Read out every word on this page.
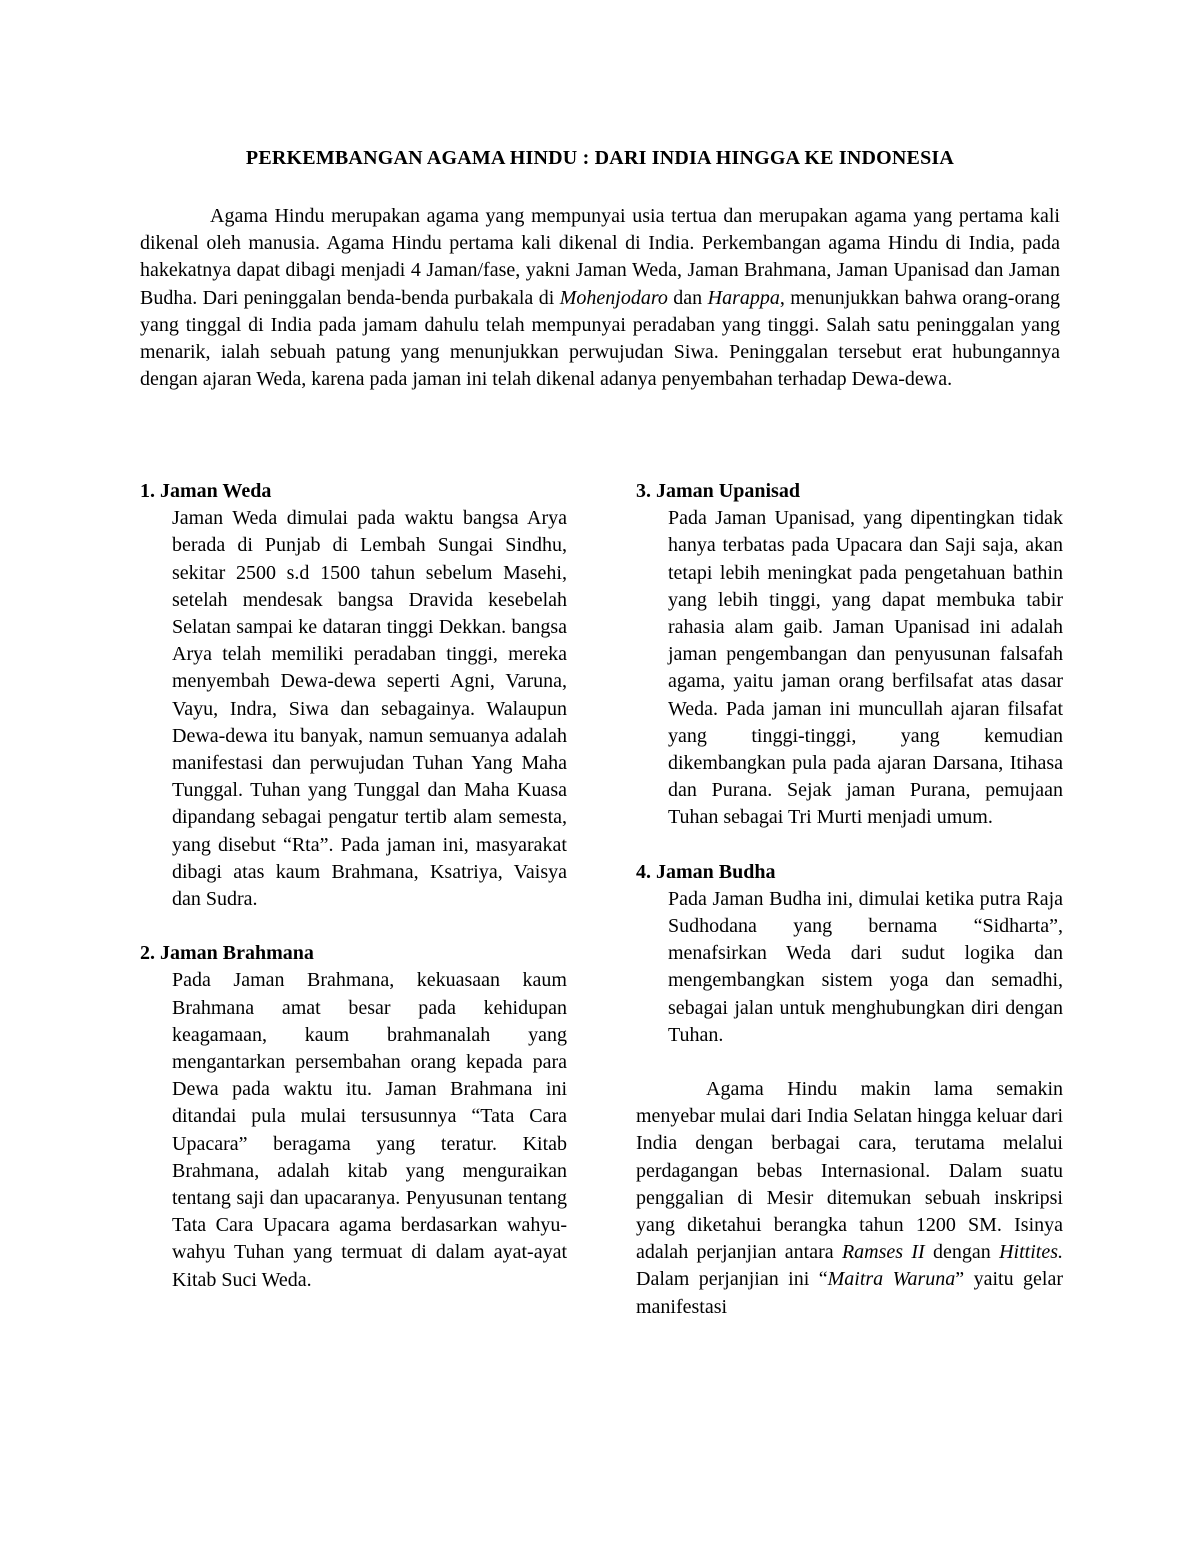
PERKEMBANGAN AGAMA HINDU : DARI INDIA HINGGA KE INDONESIA
Agama Hindu merupakan agama yang mempunyai usia tertua dan merupakan agama yang pertama kali dikenal oleh manusia. Agama Hindu pertama kali dikenal di India. Perkembangan agama Hindu di India, pada hakekatnya dapat dibagi menjadi 4 Jaman/fase, yakni Jaman Weda, Jaman Brahmana, Jaman Upanisad dan Jaman Budha. Dari peninggalan benda-benda purbakala di Mohenjodaro dan Harappa, menunjukkan bahwa orang-orang yang tinggal di India pada jamam dahulu telah mempunyai peradaban yang tinggi. Salah satu peninggalan yang menarik, ialah sebuah patung yang menunjukkan perwujudan Siwa. Peninggalan tersebut erat hubungannya dengan ajaran Weda, karena pada jaman ini telah dikenal adanya penyembahan terhadap Dewa-dewa.
1. Jaman Weda
Jaman Weda dimulai pada waktu bangsa Arya berada di Punjab di Lembah Sungai Sindhu, sekitar 2500 s.d 1500 tahun sebelum Masehi, setelah mendesak bangsa Dravida kesebelah Selatan sampai ke dataran tinggi Dekkan. bangsa Arya telah memiliki peradaban tinggi, mereka menyembah Dewa-dewa seperti Agni, Varuna, Vayu, Indra, Siwa dan sebagainya. Walaupun Dewa-dewa itu banyak, namun semuanya adalah manifestasi dan perwujudan Tuhan Yang Maha Tunggal. Tuhan yang Tunggal dan Maha Kuasa dipandang sebagai pengatur tertib alam semesta, yang disebut “Rta”. Pada jaman ini, masyarakat dibagi atas kaum Brahmana, Ksatriya, Vaisya dan Sudra.
2. Jaman Brahmana
Pada Jaman Brahmana, kekuasaan kaum Brahmana amat besar pada kehidupan keagamaan, kaum brahmanalah yang mengantarkan persembahan orang kepada para Dewa pada waktu itu. Jaman Brahmana ini ditandai pula mulai tersusunnya “Tata Cara Upacara” beragama yang teratur. Kitab Brahmana, adalah kitab yang menguraikan tentang saji dan upacaranya. Penyusunan tentang Tata Cara Upacara agama berdasarkan wahyu-wahyu Tuhan yang termuat di dalam ayat-ayat Kitab Suci Weda.
3. Jaman Upanisad
Pada Jaman Upanisad, yang dipentingkan tidak hanya terbatas pada Upacara dan Saji saja, akan tetapi lebih meningkat pada pengetahuan bathin yang lebih tinggi, yang dapat membuka tabir rahasia alam gaib. Jaman Upanisad ini adalah jaman pengembangan dan penyusunan falsafah agama, yaitu jaman orang berfilsafat atas dasar Weda. Pada jaman ini muncullah ajaran filsafat yang tinggi-tinggi, yang kemudian dikembangkan pula pada ajaran Darsana, Itihasa dan Purana. Sejak jaman Purana, pemujaan Tuhan sebagai Tri Murti menjadi umum.
4. Jaman Budha
Pada Jaman Budha ini, dimulai ketika putra Raja Sudhodana yang bernama “Sidharta”, menafsirkan Weda dari sudut logika dan mengembangkan sistem yoga dan semadhi, sebagai jalan untuk menghubungkan diri dengan Tuhan.
Agama Hindu makin lama semakin menyebar mulai dari India Selatan hingga keluar dari India dengan berbagai cara, terutama melalui perdagangan bebas Internasional. Dalam suatu penggalian di Mesir ditemukan sebuah inskripsi yang diketahui berangka tahun 1200 SM. Isinya adalah perjanjian antara Ramses II dengan Hittites. Dalam perjanjian ini “Maitra Waruna” yaitu gelar manifestasi
